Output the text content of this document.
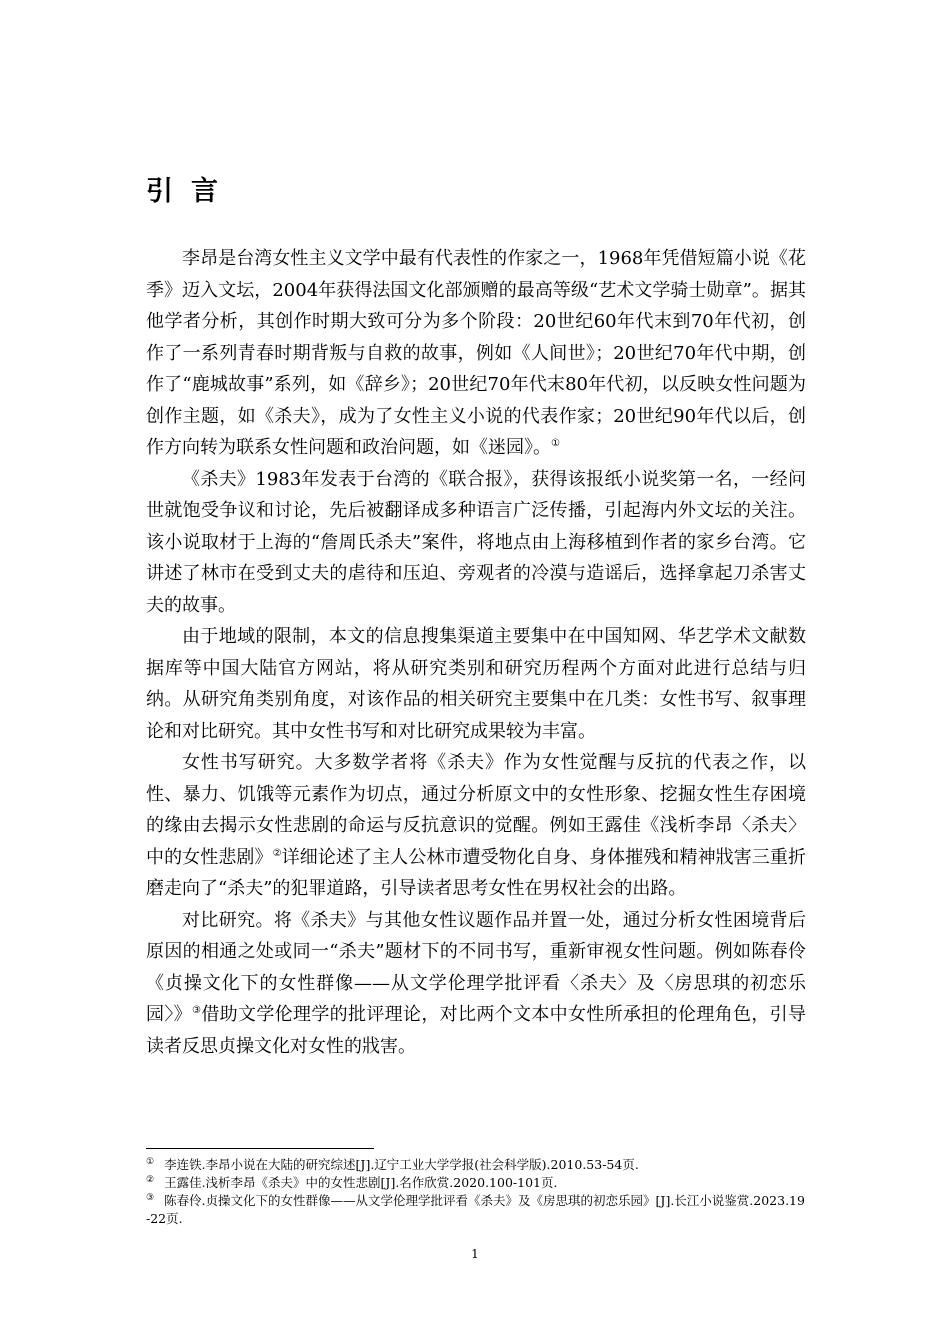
引言

李昂是台湾女性主义文学中最有代表性的作家之一，1968年凭借短篇小说《花季》迈入文坛，2004年获得法国文化部颁赠的最高等级“艺术文学骑士勋章”。据其他学者分析，其创作时期大致可分为多个阶段：20世纪60年代末到70年代初，创作了一系列青春时期背叛与自救的故事，例如《人间世》；20世纪70年代中期，创作了“鹿城故事”系列，如《辞乡》；20世纪70年代末80年代初，以反映女性问题为创作主题，如《杀夫》，成为了女性主义小说的代表作家；20世纪90年代以后，创作方向转为联系女性问题和政治问题，如《迷园》。①

《杀夫》1983年发表于台湾的《联合报》，获得该报纸小说奖第一名，一经问世就饱受争议和讨论，先后被翻译成多种语言广泛传播，引起海内外文坛的关注。该小说取材于上海的“詹周氏杀夫”案件，将地点由上海移植到作者的家乡台湾。它讲述了林市在受到丈夫的虐待和压迫、旁观者的冷漠与造谣后，选择拿起刀杀害丈夫的故事。

由于地域的限制，本文的信息搜集渠道主要集中在中国知网、华艺学术文献数据库等中国大陆官方网站，将从研究类别和研究历程两个方面对此进行总结与归纳。从研究角类别角度，对该作品的相关研究主要集中在几类：女性书写、叙事理论和对比研究。其中女性书写和对比研究成果较为丰富。

女性书写研究。大多数学者将《杀夫》作为女性觉醒与反抗的代表之作，以性、暴力、饥饿等元素作为切点，通过分析原文中的女性形象、挖掘女性生存困境的缘由去揭示女性悲剧的命运与反抗意识的觉醒。例如王露佳《浅析李昂〈杀夫〉中的女性悲剧》②详细论述了主人公林市遭受物化自身、身体摧残和精神戕害三重折磨走向了“杀夫”的犯罪道路，引导读者思考女性在男权社会的出路。

对比研究。将《杀夫》与其他女性议题作品并置一处，通过分析女性困境背后原因的相通之处或同一“杀夫”题材下的不同书写，重新审视女性问题。例如陈春伶《贞操文化下的女性群像——从文学伦理学批评看〈杀夫〉及〈房思琪的初恋乐园〉》③借助文学伦理学的批评理论，对比两个文本中女性所承担的伦理角色，引导读者反思贞操文化对女性的戕害。

① 李连铁.李昂小说在大陆的研究综述[J].辽宁工业大学学报(社会科学版).2010.53-54页.

② 王露佳.浅析李昂《杀夫》中的女性悲剧[J].名作欣赏.2020.100-101页.

③ 陈春伶.贞操文化下的女性群像——从文学伦理学批评看《杀夫》及《房思琪的初恋乐园》[J].长江小说鉴赏.2023.19-22页.

1
